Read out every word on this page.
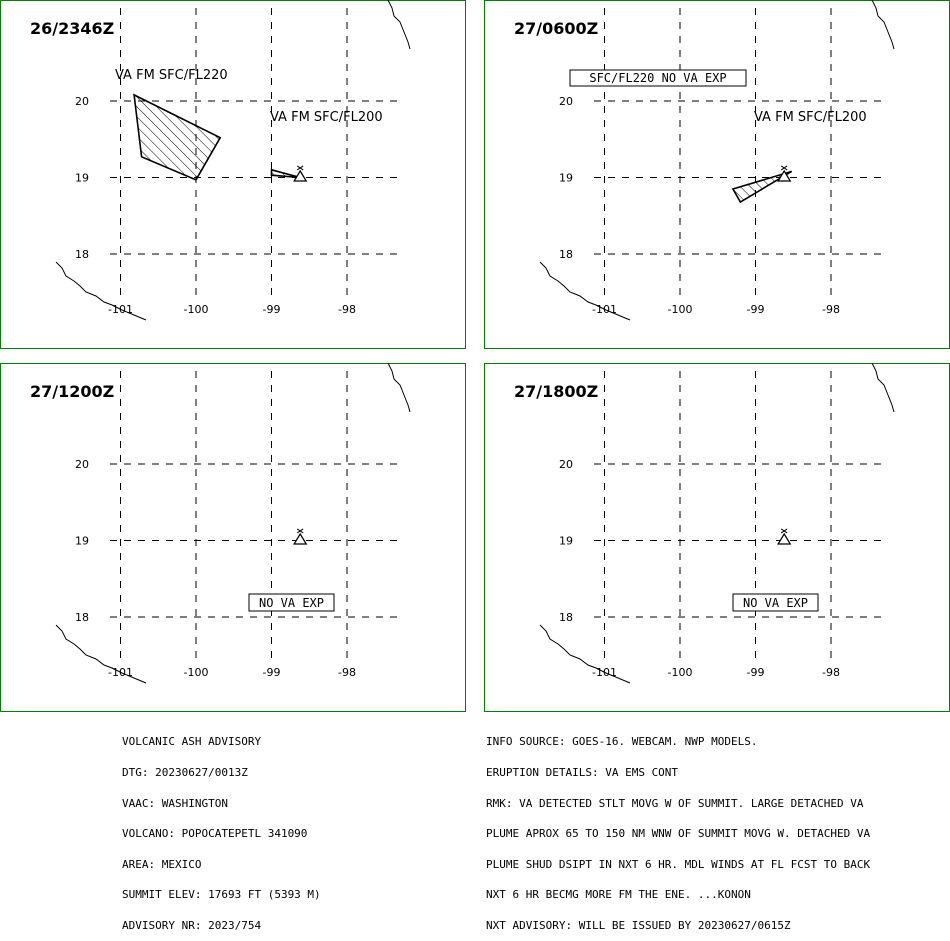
20
19
18
-101	-100	-99	-98
26/2346Z
VA FM SFC/FL220
VA FM SFC/FL200
20
19
18
-101	-100	-99	-98
27/0600Z
VA FM SFC/FL200
SFC/FL220 NO VA EXP
20
19
18
-101	-100	-99	-98
27/1200Z
NO VA EXP
20
19
18
-101	-100	-99	-98
27/1800Z
NO VA EXP

VOLCANIC ASH ADVISORY

DTG: 20230627/0013Z

VAAC: WASHINGTON

VOLCANO: POPOCATEPETL 341090

AREA: MEXICO

SUMMIT ELEV: 17693 FT (5393 M)

ADVISORY NR: 2023/754

INFO SOURCE: GOES-16. WEBCAM. NWP MODELS.

ERUPTION DETAILS: VA EMS CONT

RMK: VA DETECTED STLT MOVG W OF SUMMIT. LARGE DETACHED VA

PLUME APROX 65 TO 150 NM WNW OF SUMMIT MOVG W. DETACHED VA

PLUME SHUD DSIPT IN NXT 6 HR. MDL WINDS AT FL FCST TO BACK

NXT 6 HR BECMG MORE FM THE ENE. ...KONON

NXT ADVISORY: WILL BE ISSUED BY 20230627/0615Z
